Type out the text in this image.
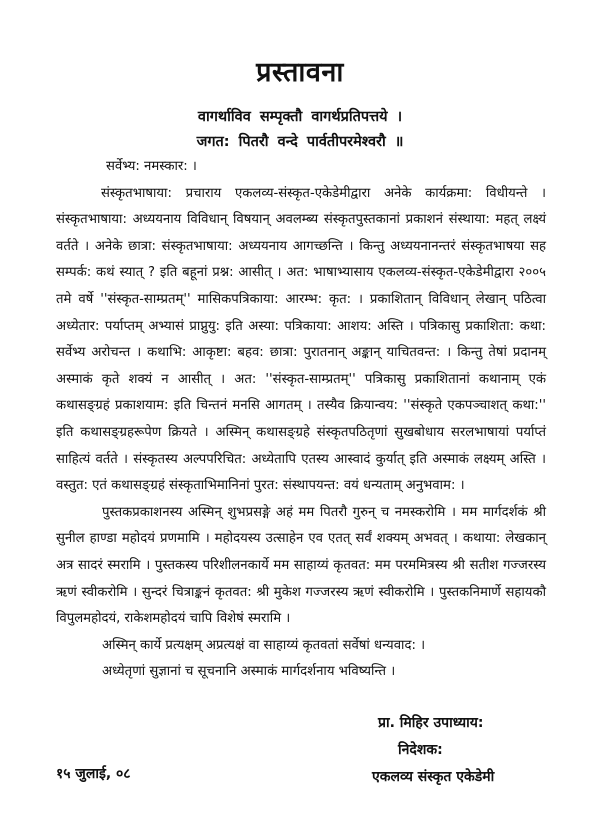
प्रस्तावना
वागर्थाविव सम्पृक्तौ वागर्थप्रतिपत्तये ।
जगत: पितरौ वन्दे पार्वतीपरमेश्वरौ ॥

सर्वेभ्य: नमस्कार: ।

संस्कृतभाषाया: प्रचाराय एकलव्य-संस्कृत-एकेडेमीद्वारा अनेके कार्यक्रमा: विधीयन्ते । संस्कृतभाषाया: अध्ययनाय विविधान् विषयान् अवलम्ब्य संस्कृतपुस्तकानां प्रकाशनं संस्थाया: महत् लक्ष्यं वर्तते । अनेके छात्रा: संस्कृतभाषाया: अध्ययनाय आगच्छन्ति । किन्तु अध्ययनानन्तरं संस्कृतभाषया सह सम्पर्क: कथं स्यात् ? इति बहूनां प्रश्न: आसीत् । अत: भाषाभ्यासाय एकलव्य-संस्कृत-एकेडेमीद्वारा २००५ तमे वर्षे ''संस्कृत-साम्प्रतम्'' मासिकपत्रिकाया: आरम्भ: कृत: । प्रकाशितान् विविधान् लेखान् पठित्वा अध्येतार: पर्याप्तम् अभ्यासं प्राप्नुयु: इति अस्या: पत्रिकाया: आशय: अस्ति । पत्रिकासु प्रकाशिता: कथा: सर्वेभ्य अरोचन्त । कथाभि: आकृष्टा: बहव: छात्रा: पुरातनान् अङ्कान् याचितवन्त: । किन्तु तेषां प्रदानम् अस्माकं कृते शक्यं न आसीत् । अत: ''संस्कृत-साम्प्रतम्'' पत्रिकासु प्रकाशितानां कथानाम् एकं कथासङ्ग्रहं प्रकाशयाम: इति चिन्तनं मनसि आगतम् । तस्यैव क्रियान्वय: ''संस्कृते एकपञ्चाशत् कथा:'' इति कथासङ्ग्रहरूपेण क्रियते । अस्मिन् कथासङ्ग्रहे संस्कृतपठितृणां सुखबोधाय सरलभाषायां पर्याप्तं साहित्यं वर्तते । संस्कृतस्य अल्पपरिचित: अध्येतापि एतस्य आस्वादं कुर्यात् इति अस्माकं लक्ष्यम् अस्ति । वस्तुत: एतं कथासङ्ग्रहं संस्कृताभिमानिनां पुरत: संस्थापयन्त: वयं धन्यताम् अनुभवाम: ।

पुस्तकप्रकाशनस्य अस्मिन् शुभप्रसङ्गे अहं मम पितरौ गुरुन् च नमस्करोमि । मम मार्गदर्शकं श्री सुनील हाण्डा महोदयं प्रणमामि । महोदयस्य उत्साहेन एव एतत् सर्वं शक्यम् अभवत् । कथाया: लेखकान् अत्र सादरं स्मरामि । पुस्तकस्य परिशीलनकार्ये मम साहाय्यं कृतवत: मम परममित्रस्य श्री सतीश गज्जरस्य ऋणं स्वीकरोमि । सुन्दरं चित्राङ्कनं कृतवत: श्री मुकेश गज्जरस्य ऋणं स्वीकरोमि । पुस्तकनिमार्णे सहायकौ विपुलमहोदयं, राकेशमहोदयं चापि विशेषं स्मरामि ।

अस्मिन् कार्ये प्रत्यक्षम् अप्रत्यक्षं वा साहाय्यं कृतवतां सर्वेषां धन्यवाद: ।

अध्येतृणां सुज्ञानां च सूचनानि अस्माकं मार्गदर्शनाय भविष्यन्ति ।

प्रा. मिहिर उपाध्याय:
निदेशक:
एकलव्य संस्कृत एकेडेमी
१५ जुलाई, ०८
